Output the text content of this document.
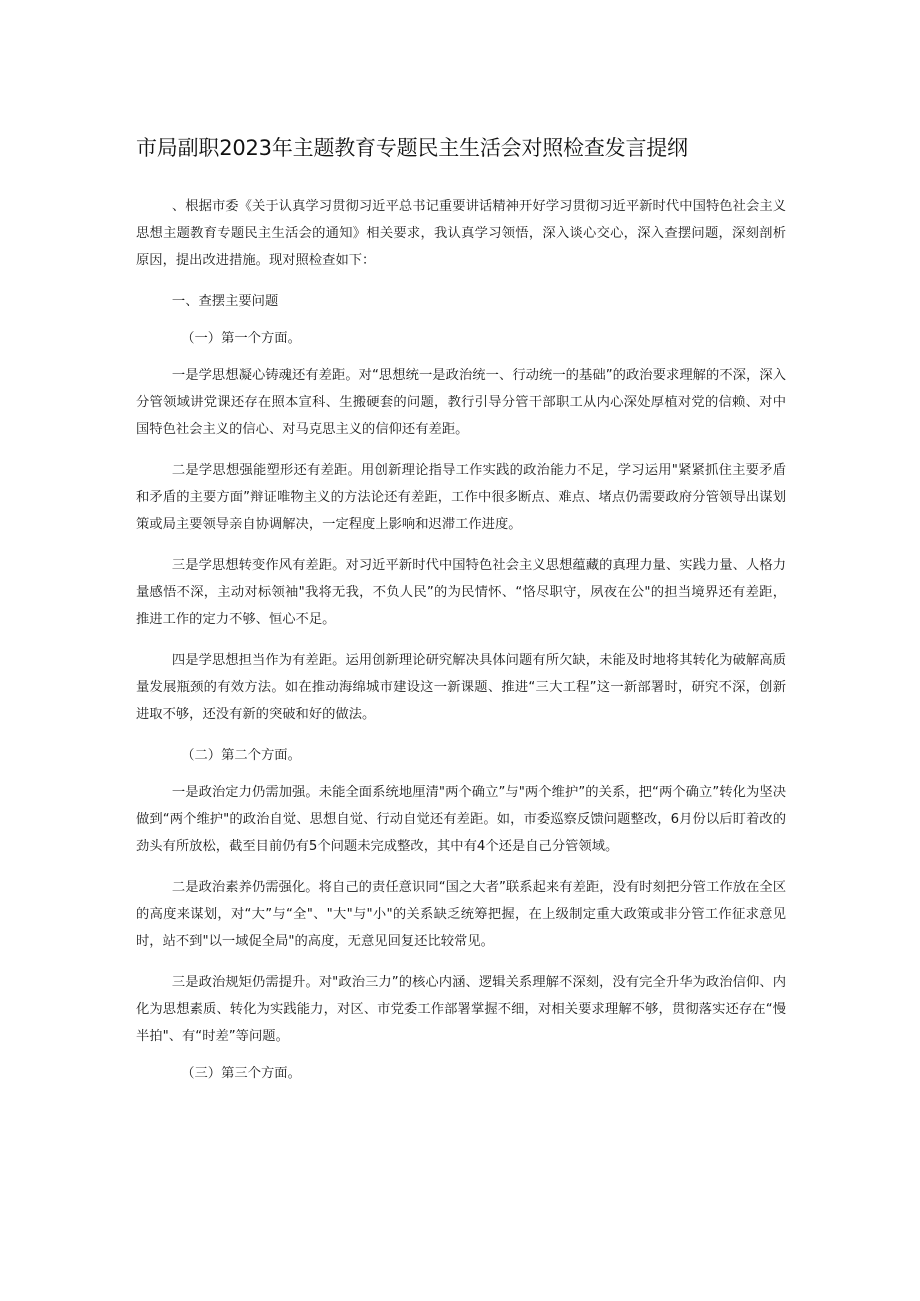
市局副职2023年主题教育专题民主生活会对照检查发言提纲

、根据市委《关于认真学习贯彻习近平总书记重要讲话精神开好学习贯彻习近平新时代中国特色社会主义思想主题教育专题民主生活会的通知》相关要求，我认真学习领悟，深入谈心交心，深入查摆问题，深刻剖析原因，提出改进措施。现对照检查如下：

一、查摆主要问题

（一）第一个方面。

一是学思想凝心铸魂还有差距。对“思想统一是政治统一、行动统一的基础”的政治要求理解的不深，深入分管领域讲党课还存在照本宣科、生搬硬套的问题，教行引导分管干部职工从内心深处厚植对党的信赖、对中国特色社会主义的信心、对马克思主义的信仰还有差距。

二是学思想强能塑形还有差距。用创新理论指导工作实践的政治能力不足，学习运用"紧紧抓住主要矛盾和矛盾的主要方面”辩证唯物主义的方法论还有差距，工作中很多断点、难点、堵点仍需要政府分管领导出谋划策或局主要领导亲自协调解决，一定程度上影响和迟滞工作进度。

三是学思想转变作风有差距。对习近平新时代中国特色社会主义思想蕴藏的真理力量、实践力量、人格力量感悟不深，主动对标领袖"我将无我，不负人民”的为民情怀、“恪尽职守，夙夜在公"的担当境界还有差距，推进工作的定力不够、恒心不足。

四是学思想担当作为有差距。运用创新理论研究解决具体问题有所欠缺，未能及时地将其转化为破解高质量发展瓶颈的有效方法。如在推动海绵城市建设这一新课题、推进“三大工程”这一新部署时，研究不深，创新进取不够，还没有新的突破和好的做法。

（二）第二个方面。

一是政治定力仍需加强。未能全面系统地厘清"两个确立”与"两个维护”的关系，把“两个确立”转化为坚决做到“两个维护"的政治自觉、思想自觉、行动自觉还有差距。如，市委巡察反馈问题整改，6月份以后盯着改的劲头有所放松，截至目前仍有5个问题未完成整改，其中有4个还是自己分管领域。

二是政治素养仍需强化。将自己的责任意识同“国之大者”联系起来有差距，没有时刻把分管工作放在全区的高度来谋划，对“大”与“全"、"大"与"小"的关系缺乏统筹把握，在上级制定重大政策或非分管工作征求意见时，站不到"以一域促全局"的高度，无意见回复还比较常见。

三是政治规矩仍需提升。对"政治三力”的核心内涵、逻辑关系理解不深刻，没有完全升华为政治信仰、内化为思想素质、转化为实践能力，对区、市党委工作部署掌握不细，对相关要求理解不够，贯彻落实还存在“慢半拍"、有“时差”等问题。

（三）第三个方面。
